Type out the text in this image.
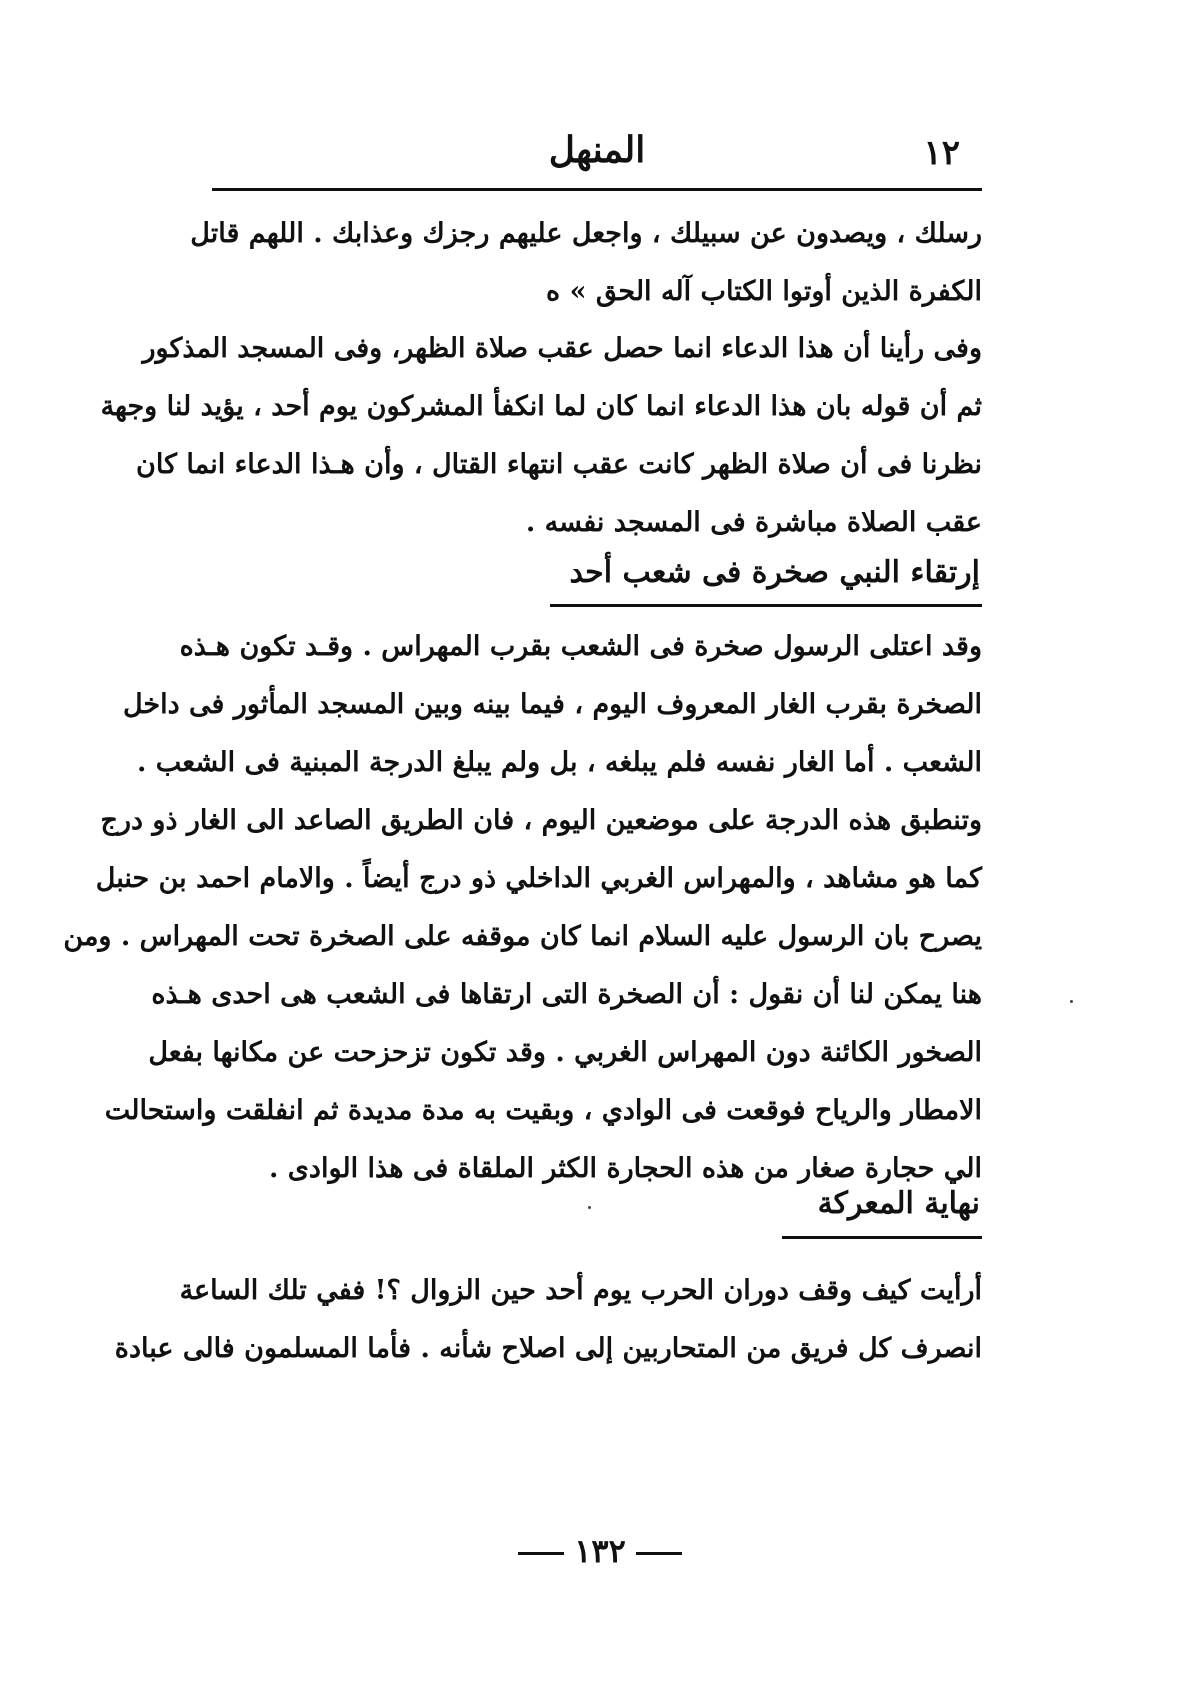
المنهل	١٢
رسلك ، ويصدون عن سبيلك ، واجعل عليهم رجزك وعذابك . اللهم قاتل
الكفرة الذين أوتوا الكتاب آله الحق » ه
وفى رأينا أن هذا الدعاء انما حصل عقب صلاة الظهر، وفى المسجد المذكور
ثم أن قوله بان هذا الدعاء انما كان لما انكفأ المشركون يوم أحد ، يؤيد لنا وجهة
نظرنا فى أن صلاة الظهر كانت عقب انتهاء القتال ، وأن هـذا الدعاء انما كان
عقب الصلاة مباشرة فى المسجد نفسه .
إرتقاء النبي صخرة فى شعب أحد
وقد اعتلى الرسول صخرة فى الشعب بقرب المهراس . وقـد تكون هـذه
الصخرة بقرب الغار المعروف اليوم ، فيما بينه وبين المسجد المأثور فى داخل
الشعب . أما الغار نفسه فلم يبلغه ، بل ولم يبلغ الدرجة المبنية فى الشعب .
وتنطبق هذه الدرجة على موضعين اليوم ، فان الطريق الصاعد الى الغار ذو درج
كما هو مشاهد ، والمهراس الغربي الداخلي ذو درج أيضاً . والامام احمد بن حنبل
يصرح بان الرسول عليه السلام انما كان موقفه على الصخرة تحت المهراس . ومن
هنا يمكن لنا أن نقول : أن الصخرة التى ارتقاها فى الشعب هى احدى هـذه
الصخور الكائنة دون المهراس الغربي . وقد تكون تزحزحت عن مكانها بفعل
الامطار والرياح فوقعت فى الوادي ، وبقيت به مدة مديدة ثم انفلقت واستحالت
الي حجارة صغار من هذه الحجارة الكثر الملقاة فى هذا الوادى .
نهاية المعركة
أرأيت كيف وقف دوران الحرب يوم أحد حين الزوال ؟! ففي تلك الساعة
انصرف كل فريق من المتحاربين إلى اصلاح شأنه . فأما المسلمون فالى عبادة
١٣٢
